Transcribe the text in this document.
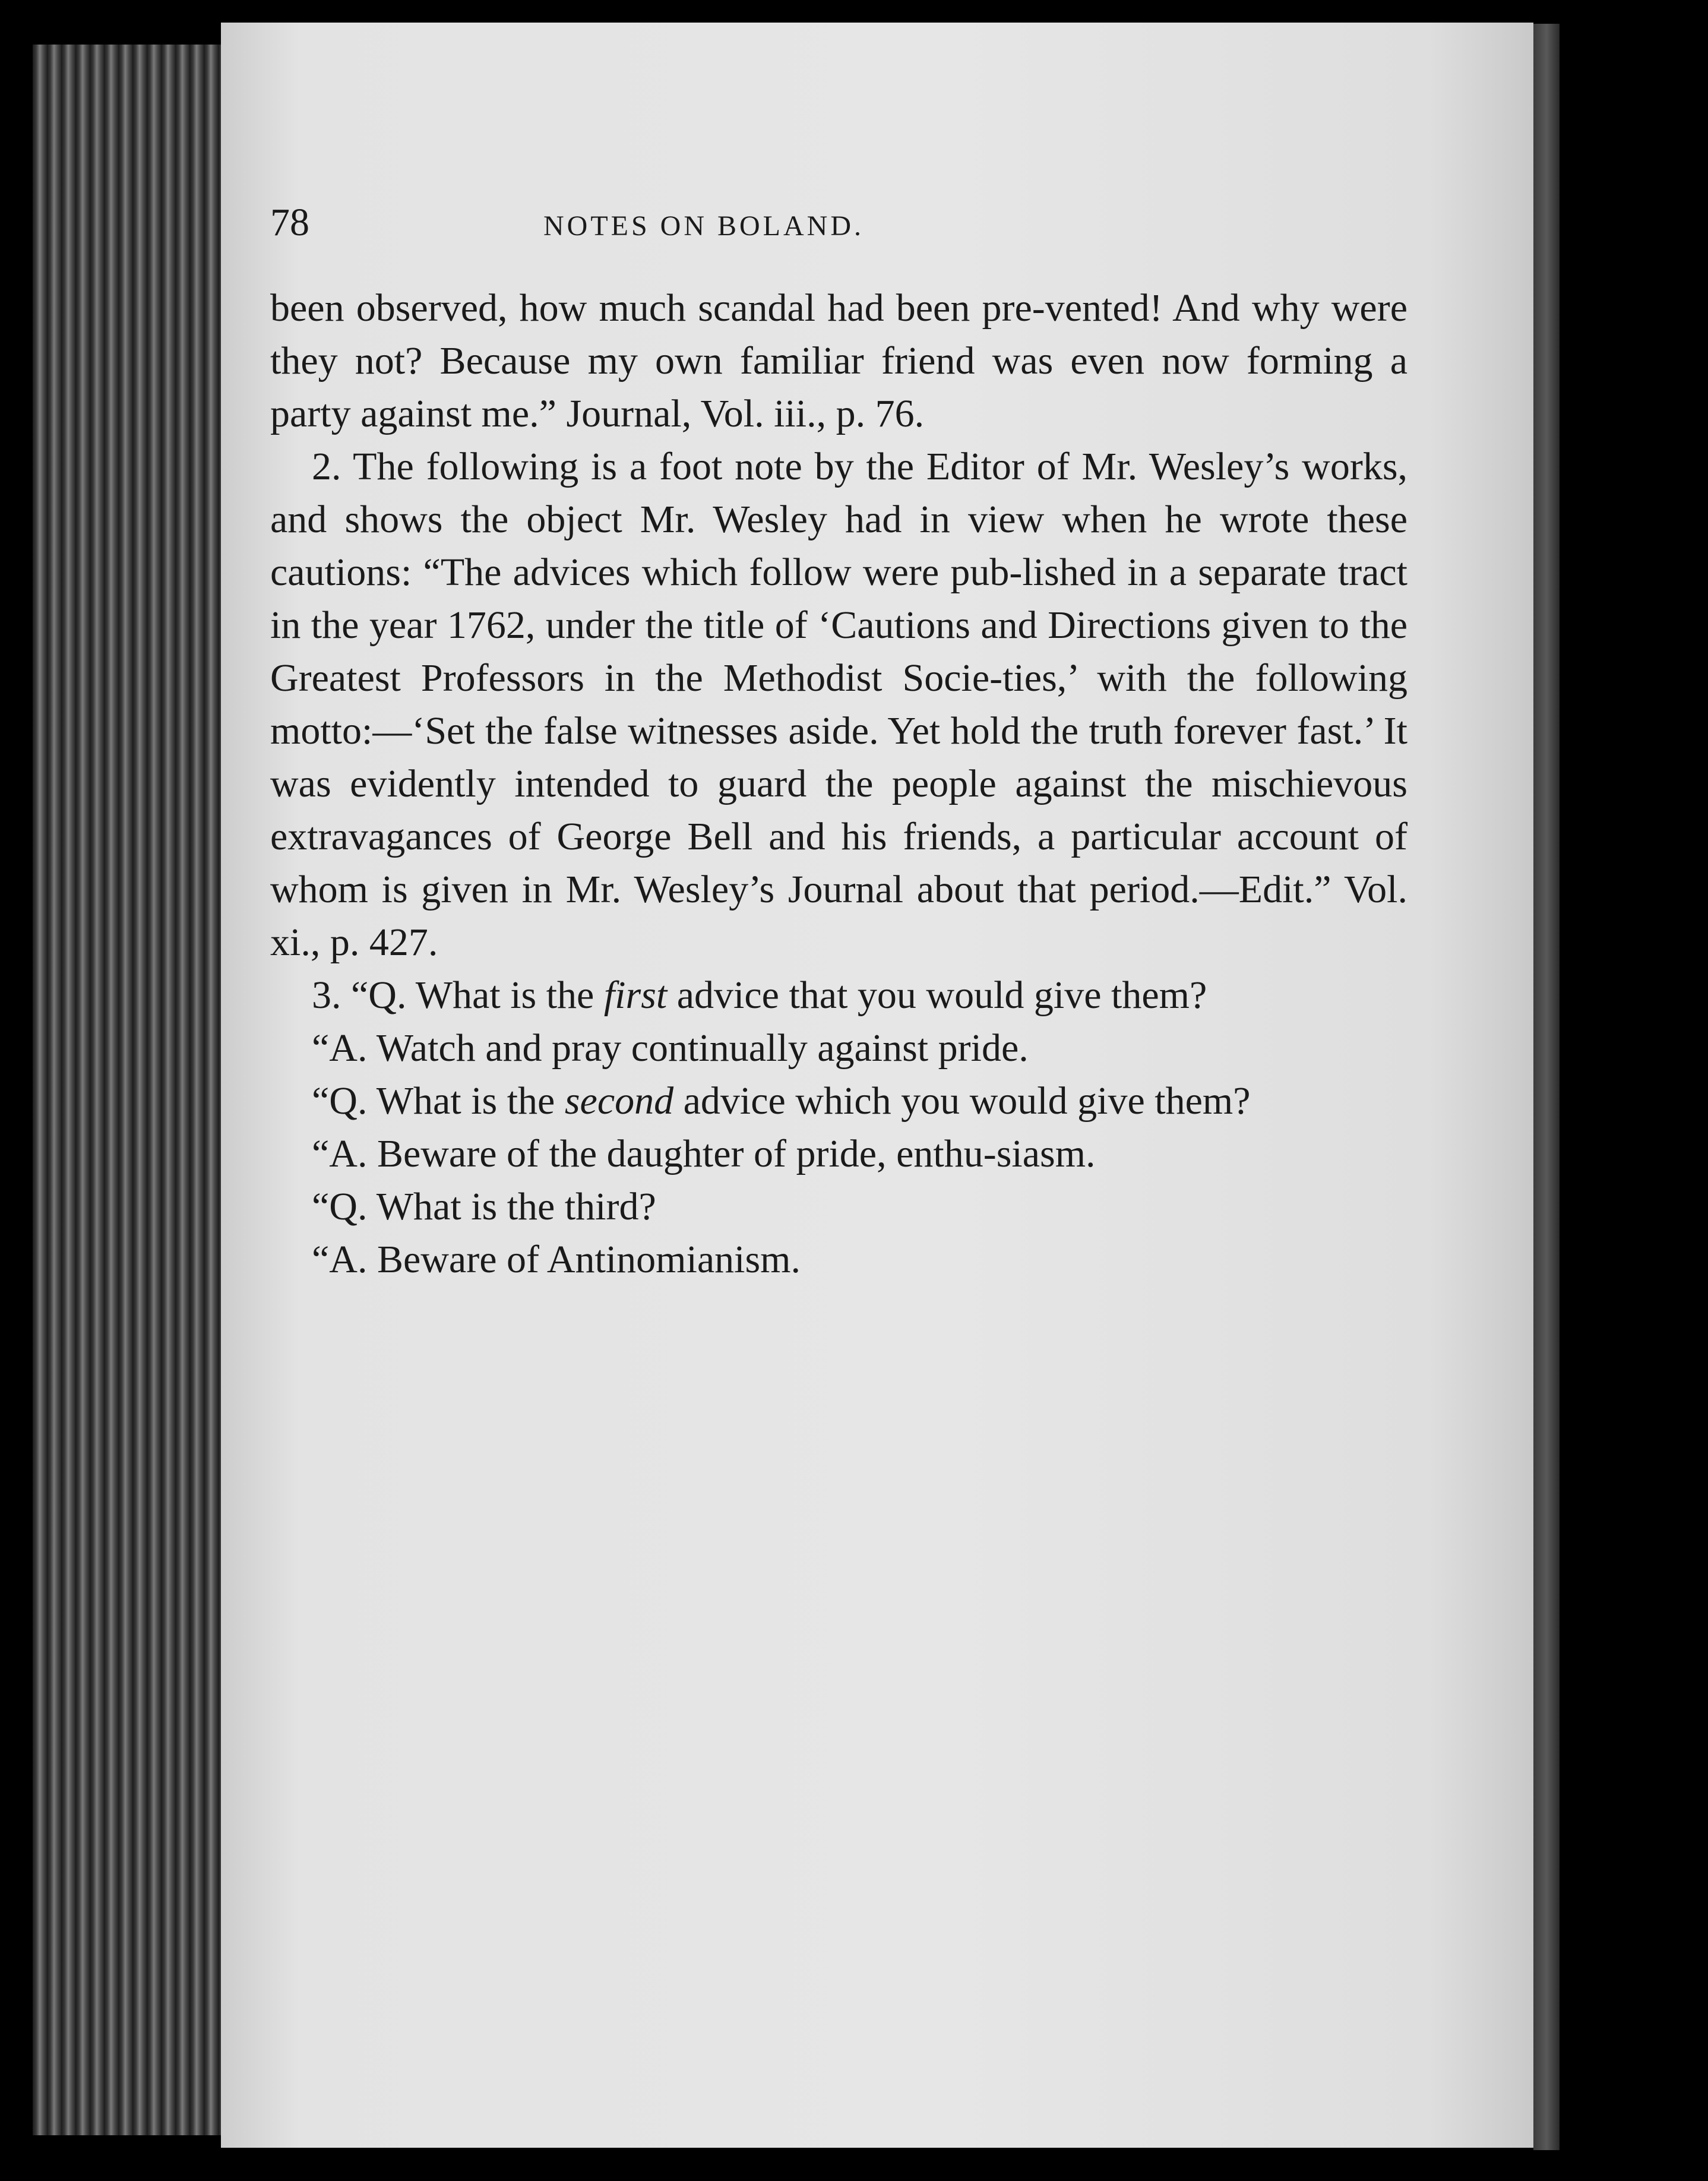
78	NOTES ON BOLAND.

been observed, how much scandal had been pre-vented! And why were they not? Because my own familiar friend was even now forming a party against me.” Journal, Vol. iii., p. 76.

2. The following is a foot note by the Editor of Mr. Wesley’s works, and shows the object Mr. Wesley had in view when he wrote these cautions: “The advices which follow were pub-lished in a separate tract in the year 1762, under the title of ‘Cautions and Directions given to the Greatest Professors in the Methodist Socie-ties,’ with the following motto:—‘Set the false witnesses aside. Yet hold the truth forever fast.’ It was evidently intended to guard the people against the mischievous extravagances of George Bell and his friends, a particular account of whom is given in Mr. Wesley’s Journal about that period.—Edit.” Vol. xi., p. 427.

3. “Q. What is the first advice that you would give them?

“A. Watch and pray continually against pride.

“Q. What is the second advice which you would give them?

“A. Beware of the daughter of pride, enthu-siasm.

“Q. What is the third?

“A. Beware of Antinomianism.
